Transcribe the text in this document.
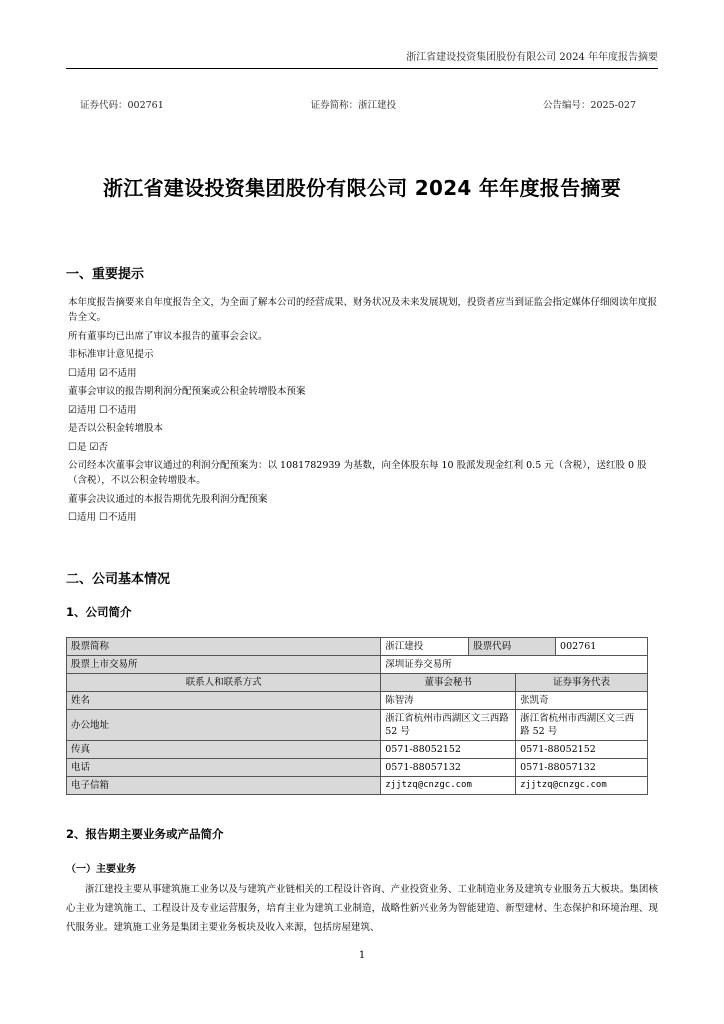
浙江省建设投资集团股份有限公司 2024 年年度报告摘要
证券代码：002761	证券简称：浙江建投	公告编号：2025-027
浙江省建设投资集团股份有限公司 2024 年年度报告摘要
一、重要提示

本年度报告摘要来自年度报告全文，为全面了解本公司的经营成果、财务状况及未来发展规划，投资者应当到证监会指定媒体仔细阅读年度报告全文。

所有董事均已出席了审议本报告的董事会会议。

非标准审计意见提示

☐适用 ☑不适用

董事会审议的报告期利润分配预案或公积金转增股本预案

☑适用 ☐不适用

是否以公积金转增股本

☐是 ☑否

公司经本次董事会审议通过的利润分配预案为：以 1081782939 为基数，向全体股东每 10 股派发现金红利 0.5 元（含税），送红股 0 股（含税），不以公积金转增股本。

董事会决议通过的本报告期优先股利润分配预案

☐适用 ☐不适用

二、公司基本情况
1、公司简介
股票简称	浙江建投	股票代码		002761
股票上市交易所	深圳证券交易所			
联系人和联系方式	董事会秘书		证券事务代表	
姓名	陈智涛		张凯奇	
办公地址	浙江省杭州市西湖区文三西路 52 号		浙江省杭州市西湖区文三西路 52 号	
传真	0571-88052152		0571-88052152	
电话	0571-88057132		0571-88057132	
电子信箱	zjjtzq@cnzgc.com		zjjtzq@cnzgc.com	
2、报告期主要业务或产品简介
（一）主要业务
浙江建投主要从事建筑施工业务以及与建筑产业链相关的工程设计咨询、产业投资业务、工业制造业务及建筑专业服务五大板块。集团核心主业为建筑施工、工程设计及专业运营服务，培育主业为建筑工业制造，战略性新兴业务为智能建造、新型建材、生态保护和环境治理、现代服务业。建筑施工业务是集团主要业务板块及收入来源，包括房屋建筑、
1
